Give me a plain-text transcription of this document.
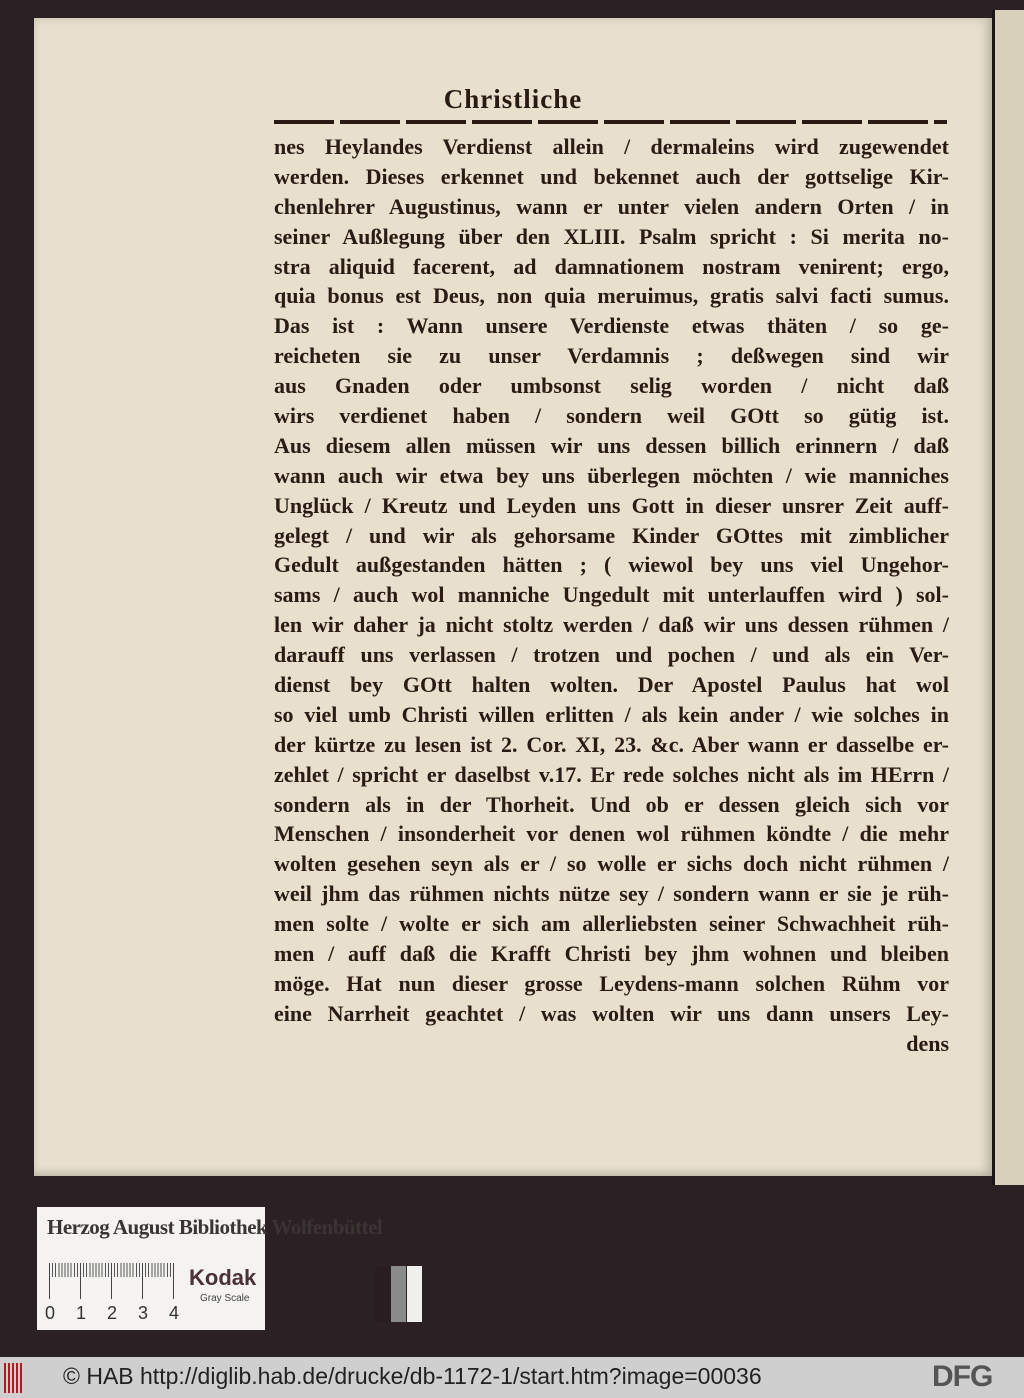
Christliche
nes Heylandes Verdienst allein / dermaleins wird zugewendet
werden. Dieses erkennet und bekennet auch der gottselige Kir-
chenlehrer Augustinus, wann er unter vielen andern Orten / in
seiner Außlegung über den XLIII. Psalm spricht : Si merita no-
stra aliquid facerent, ad damnationem nostram venirent; ergo,
quia bonus est Deus, non quia meruimus, gratis salvi facti sumus.
Das ist : Wann unsere Verdienste etwas thäten / so ge-
reicheten sie zu unser Verdamnis ; deßwegen sind wir
aus Gnaden oder umbsonst selig worden / nicht daß
wirs verdienet haben / sondern weil GOtt so gütig ist.
Aus diesem allen müssen wir uns dessen billich erinnern / daß
wann auch wir etwa bey uns überlegen möchten / wie manniches
Unglück / Kreutz und Leyden uns Gott in dieser unsrer Zeit auff-
gelegt / und wir als gehorsame Kinder GOttes mit zimblicher
Gedult außgestanden hätten ; ( wiewol bey uns viel Ungehor-
sams / auch wol manniche Ungedult mit unterlauffen wird ) sol-
len wir daher ja nicht stoltz werden / daß wir uns dessen rühmen /
darauff uns verlassen / trotzen und pochen / und als ein Ver-
dienst bey GOtt halten wolten. Der Apostel Paulus hat wol
so viel umb Christi willen erlitten / als kein ander / wie solches in
der kürtze zu lesen ist 2. Cor. XI, 23. &c. Aber wann er dasselbe er-
zehlet / spricht er daselbst v.17. Er rede solches nicht als im HErrn /
sondern als in der Thorheit. Und ob er dessen gleich sich vor
Menschen / insonderheit vor denen wol rühmen köndte / die mehr
wolten gesehen seyn als er / so wolle er sichs doch nicht rühmen /
weil jhm das rühmen nichts nütze sey / sondern wann er sie je rüh-
men solte / wolte er sich am allerliebsten seiner Schwachheit rüh-
men / auff daß die Krafft Christi bey jhm wohnen und bleiben
möge. Hat nun dieser grosse Leydens-mann solchen Rühm vor
eine Narrheit geachtet / was wolten wir uns dann unsers Ley-
dens
Herzog August Bibliothek Wolfenbüttel
0 1 2 3 4
Kodak
Gray Scale
© HAB http://diglib.hab.de/drucke/db-1172-1/start.htm?image=00036	DFG
